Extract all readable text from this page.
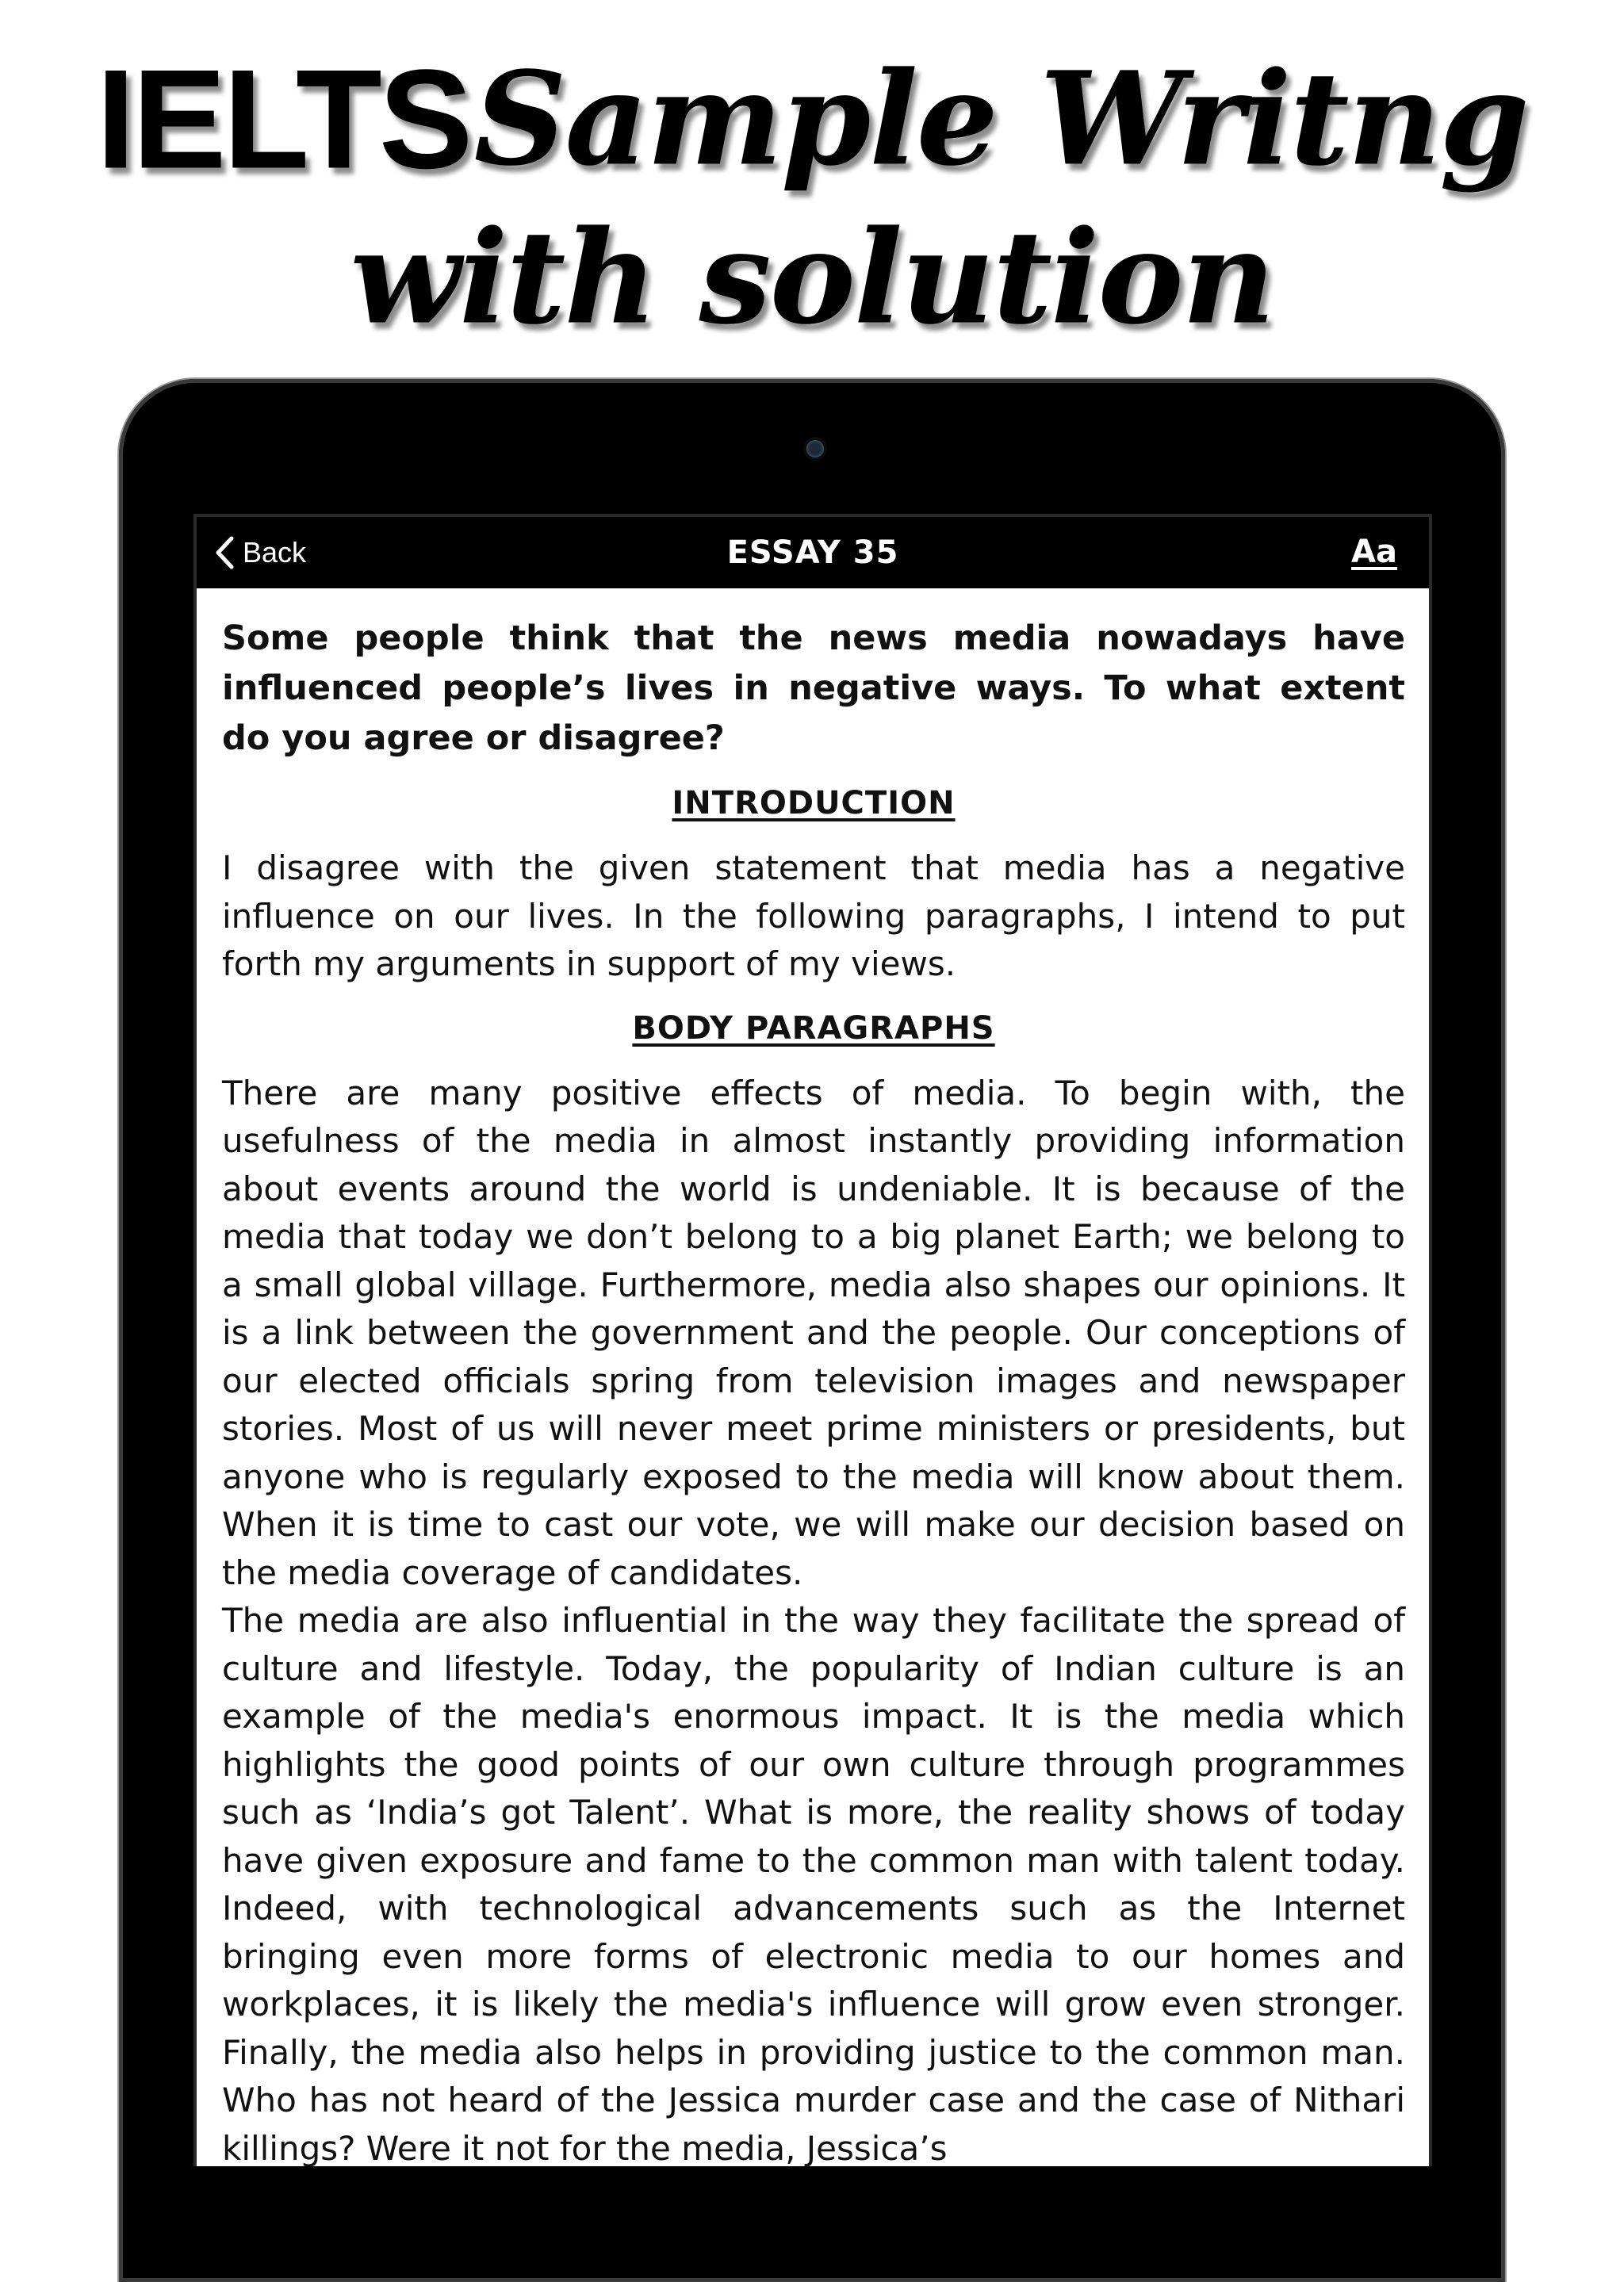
IELTS Sample Writng
with solution
Back	ESSAY 35	Aa

Some people think that the news media nowadays have influenced people’s lives in negative ways. To what extent do you agree or disagree?

INTRODUCTION

I disagree with the given statement that media has a negative influence on our lives. In the following paragraphs, I intend to put forth my arguments in support of my views.

BODY PARAGRAPHS

There are many positive effects of media. To begin with, the usefulness of the media in almost instantly providing information about events around the world is undeniable. It is because of the media that today we don’t belong to a big planet Earth; we belong to a small global village. Furthermore, media also shapes our opinions. It is a link between the government and the people. Our conceptions of our elected officials spring from television images and newspaper stories. Most of us will never meet prime ministers or presidents, but anyone who is regularly exposed to the media will know about them. When it is time to cast our vote, we will make our decision based on the media coverage of candidates.

The media are also influential in the way they facilitate the spread of culture and lifestyle. Today, the popularity of Indian culture is an example of the media's enormous impact. It is the media which highlights the good points of our own culture through programmes such as ‘India’s got Talent’. What is more, the reality shows of today have given exposure and fame to the common man with talent today. Indeed, with technological advancements such as the Internet bringing even more forms of electronic media to our homes and workplaces, it is likely the media's influence will grow even stronger. Finally, the media also helps in providing justice to the common man. Who has not heard of the Jessica murder case and the case of Nithari killings? Were it not for the media, Jessica’s
